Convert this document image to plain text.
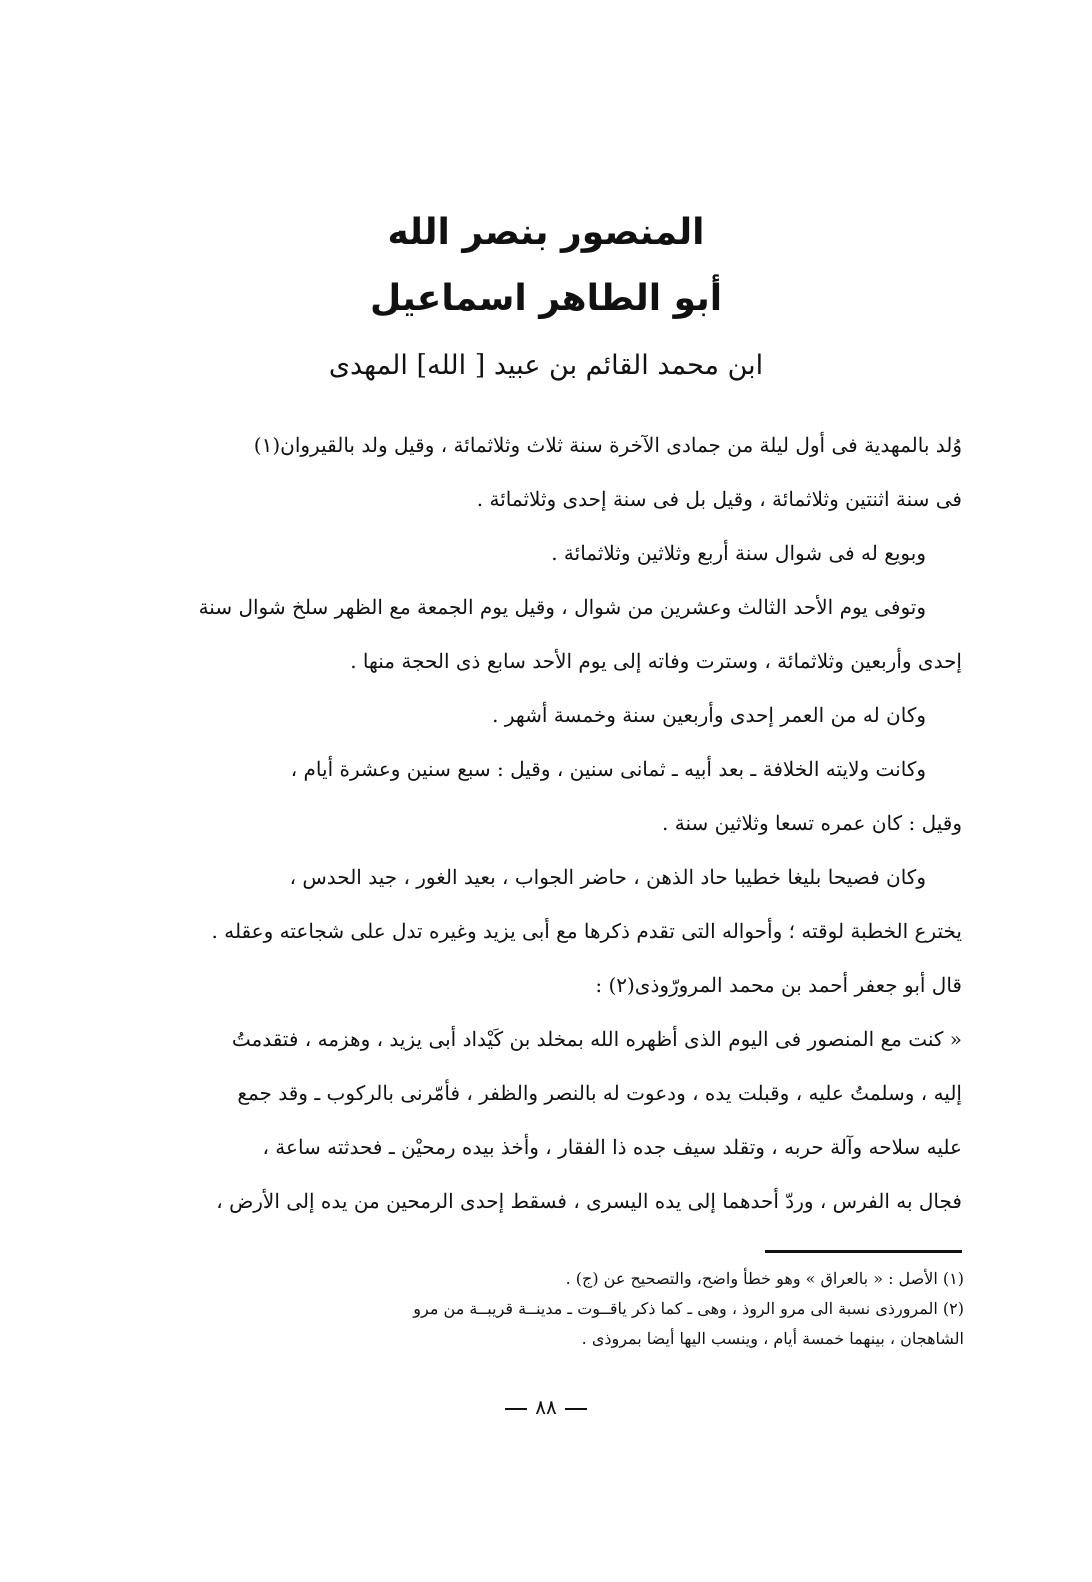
المنصور بنصر الله
أبو الطاهر اسماعيل
ابن محمد القائم بن عبيد [ الله] المهدى
وُلد بالمهدية فى أول ليلة من جمادى الآخرة سنة ثلاث وثلاثمائة ، وقيل ولد بالقيروان(١)
فى سنة اثنتين وثلاثمائة ، وقيل بل فى سنة إحدى وثلاثمائة .
وبويع له فى شوال سنة أربع وثلاثين وثلاثمائة .
وتوفى يوم الأحد الثالث وعشرين من شوال ، وقيل يوم الجمعة مع الظهر سلخ شوال سنة
إحدى وأربعين وثلاثمائة ، وسترت وفاته إلى يوم الأحد سابع ذى الحجة منها .
وكان له من العمر إحدى وأربعين سنة وخمسة أشهر .
وكانت ولايته الخلافة ـ بعد أبيه ـ ثمانى سنين ، وقيل : سبع سنين وعشرة أيام ،
وقيل : كان عمره تسعا وثلاثين سنة .
وكان فصيحا بليغا خطيبا حاد الذهن ، حاضر الجواب ، بعيد الغور ، جيد الحدس ،
يخترع الخطبة لوقته ؛ وأحواله التى تقدم ذكرها مع أبى يزيد وغيره تدل على شجاعته وعقله .
قال أبو جعفر أحمد بن محمد المرورّوذى(٢) :
« كنت مع المنصور فى اليوم الذى أظهره الله بمخلد بن كَيْداد أبى يزيد ، وهزمه ، فتقدمتُ
إليه ، وسلمتُ عليه ، وقبلت يده ، ودعوت له بالنصر والظفر ، فأمّرنى بالركوب ـ وقد جمع
عليه سلاحه وآلة حربه ، وتقلد سيف جده ذا الفقار ، وأخذ بيده رمحيْن ـ فحدثته ساعة ،
فجال به الفرس ، وردّ أحدهما إلى يده اليسرى ، فسقط إحدى الرمحين من يده إلى الأرض ،
(١) الأصل : « بالعراق » وهو خطأ واضح، والتصحيح عن (ج) .
(٢) المرورذى نسبة الى مرو الروذ ، وهى ـ كما ذكر ياقــوت ـ مدينــة قريبــة من مرو
الشاهجان ، بينهما خمسة أيام ، وينسب اليها أيضا بمروذى .
٨٨
